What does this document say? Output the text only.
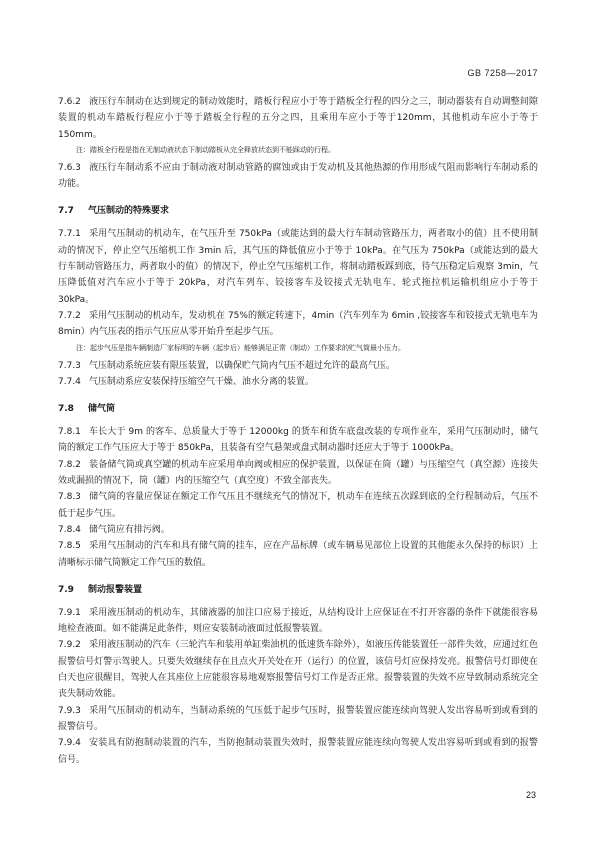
GB 7258—2017

7.6.2 液压行车制动在达到规定的制动效能时，踏板行程应小于等于踏板全行程的四分之三，制动器装有自动调整间隙装置的机动车踏板行程应小于等于踏板全行程的五分之四，且乘用车应小于等于120mm，其他机动车应小于等于 150mm。

注：踏板全行程是指在无制动液状态下制动踏板从完全释放状态到不能踩动的行程。

7.6.3 液压行车制动系不应由于制动液对制动管路的腐蚀或由于发动机及其他热源的作用形成气阻而影响行车制动系的功能。

7.7 气压制动的特殊要求

7.7.1 采用气压制动的机动车，在气压升至 750kPa（或能达到的最大行车制动管路压力，两者取小的值）且不使用制动的情况下，停止空气压缩机工作 3min 后，其气压的降低值应小于等于 10kPa。在气压为 750kPa（或能达到的最大行车制动管路压力，两者取小的值）的情况下，停止空气压缩机工作，将制动踏板踩到底，待气压稳定后观察 3min，气压降低值对汽车应小于等于 20kPa，对汽车列车、铰接客车及铰接式无轨电车、轮式拖拉机运输机组应小于等于 30kPa。

7.7.2 采用气压制动的机动车，发动机在 75%的额定转速下，4min（汽车列车为 6min ,铰接客车和铰接式无轨电车为 8min）内气压表的指示气压应从零开始升至起步气压。

注：起步气压是指车辆制造厂家标明的车辆（起步后）能够满足正常（制动）工作要求的贮气筒最小压力。

7.7.3 气压制动系统应装有限压装置，以确保贮气筒内气压不超过允许的最高气压。

7.7.4 气压制动系应安装保持压缩空气干燥、油水分离的装置。

7.8 储气筒

7.8.1 车长大于 9m 的客车、总质量大于等于 12000kg 的货车和货车底盘改装的专项作业车，采用气压制动时，储气筒的额定工作气压应大于等于 850kPa，且装备有空气悬架或盘式制动器时还应大于等于 1000kPa。

7.8.2 装备储气筒或真空罐的机动车应采用单向阀或相应的保护装置，以保证在筒（罐）与压缩空气（真空源）连接失效或漏损的情况下，筒（罐）内的压缩空气（真空度）不致全部丧失。

7.8.3 储气筒的容量应保证在额定工作气压且不继续充气的情况下，机动车在连续五次踩到底的全行程制动后，气压不低于起步气压。

7.8.4 储气筒应有排污阀。

7.8.5 采用气压制动的汽车和具有储气筒的挂车，应在产品标牌（或车辆易见部位上设置的其他能永久保持的标识）上清晰标示储气筒额定工作气压的数值。

7.9 制动报警装置

7.9.1 采用液压制动的机动车，其储液器的加注口应易于接近，从结构设计上应保证在不打开容器的条件下就能很容易地检查液面。如不能满足此条件，则应安装制动液面过低报警装置。

7.9.2 采用液压制动的汽车（三轮汽车和装用单缸柴油机的低速货车除外），如液压传能装置任一部件失效，应通过红色报警信号灯警示驾驶人。只要失效继续存在且点火开关处在开（运行）的位置，该信号灯应保持发亮。报警信号灯即使在白天也应很醒目，驾驶人在其座位上应能很容易地观察报警信号灯工作是否正常。报警装置的失效不应导致制动系统完全丧失制动效能。

7.9.3 采用气压制动的机动车，当制动系统的气压低于起步气压时，报警装置应能连续向驾驶人发出容易听到或看到的报警信号。

7.9.4 安装具有防抱制动装置的汽车，当防抱制动装置失效时，报警装置应能连续向驾驶人发出容易听到或看到的报警信号。

23
